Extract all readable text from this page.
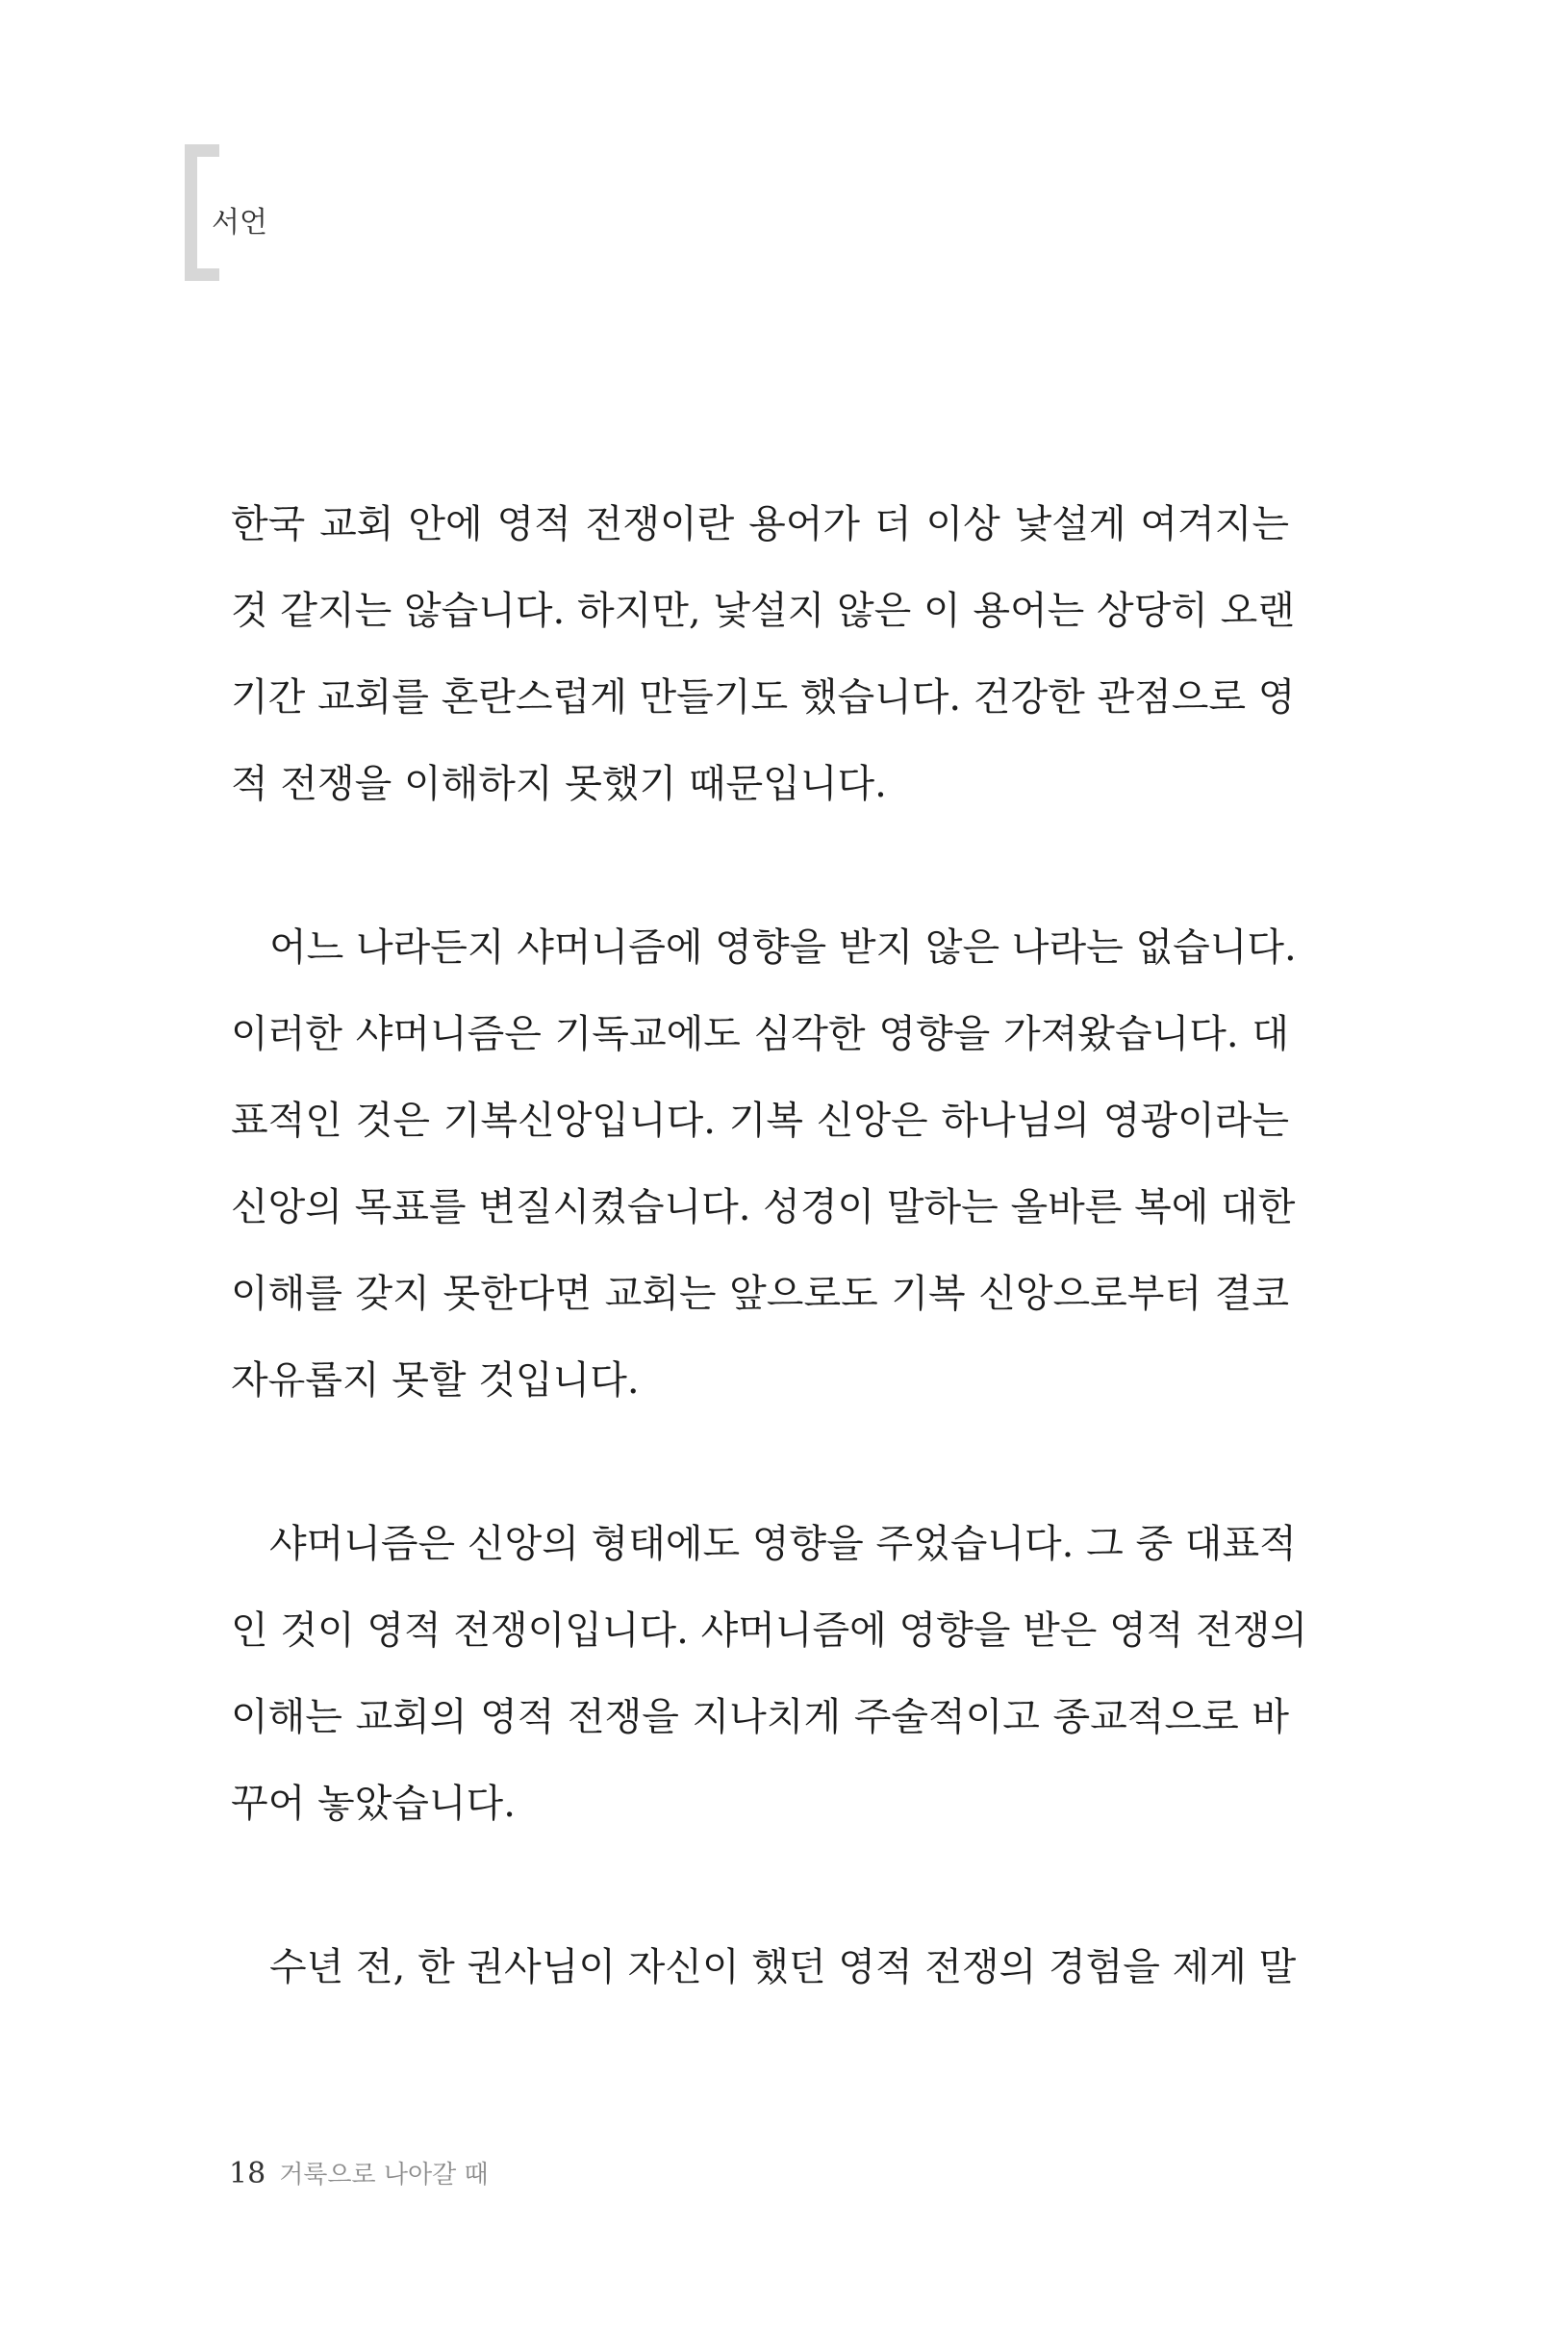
서언
한국 교회 안에 영적 전쟁이란 용어가 더 이상 낯설게 여겨지는
것 같지는 않습니다. 하지만, 낯설지 않은 이 용어는 상당히 오랜
기간 교회를 혼란스럽게 만들기도 했습니다. 건강한 관점으로 영
적 전쟁을 이해하지 못했기 때문입니다.
어느 나라든지 샤머니즘에 영향을 받지 않은 나라는 없습니다.
이러한 샤머니즘은 기독교에도 심각한 영향을 가져왔습니다. 대
표적인 것은 기복신앙입니다. 기복 신앙은 하나님의 영광이라는
신앙의 목표를 변질시켰습니다. 성경이 말하는 올바른 복에 대한
이해를 갖지 못한다면 교회는 앞으로도 기복 신앙으로부터 결코
자유롭지 못할 것입니다.
샤머니즘은 신앙의 형태에도 영향을 주었습니다. 그 중 대표적
인 것이 영적 전쟁이입니다. 샤머니즘에 영향을 받은 영적 전쟁의
이해는 교회의 영적 전쟁을 지나치게 주술적이고 종교적으로 바
꾸어 놓았습니다.
수년 전, 한 권사님이 자신이 했던 영적 전쟁의 경험을 제게 말
18 거룩으로 나아갈 때
